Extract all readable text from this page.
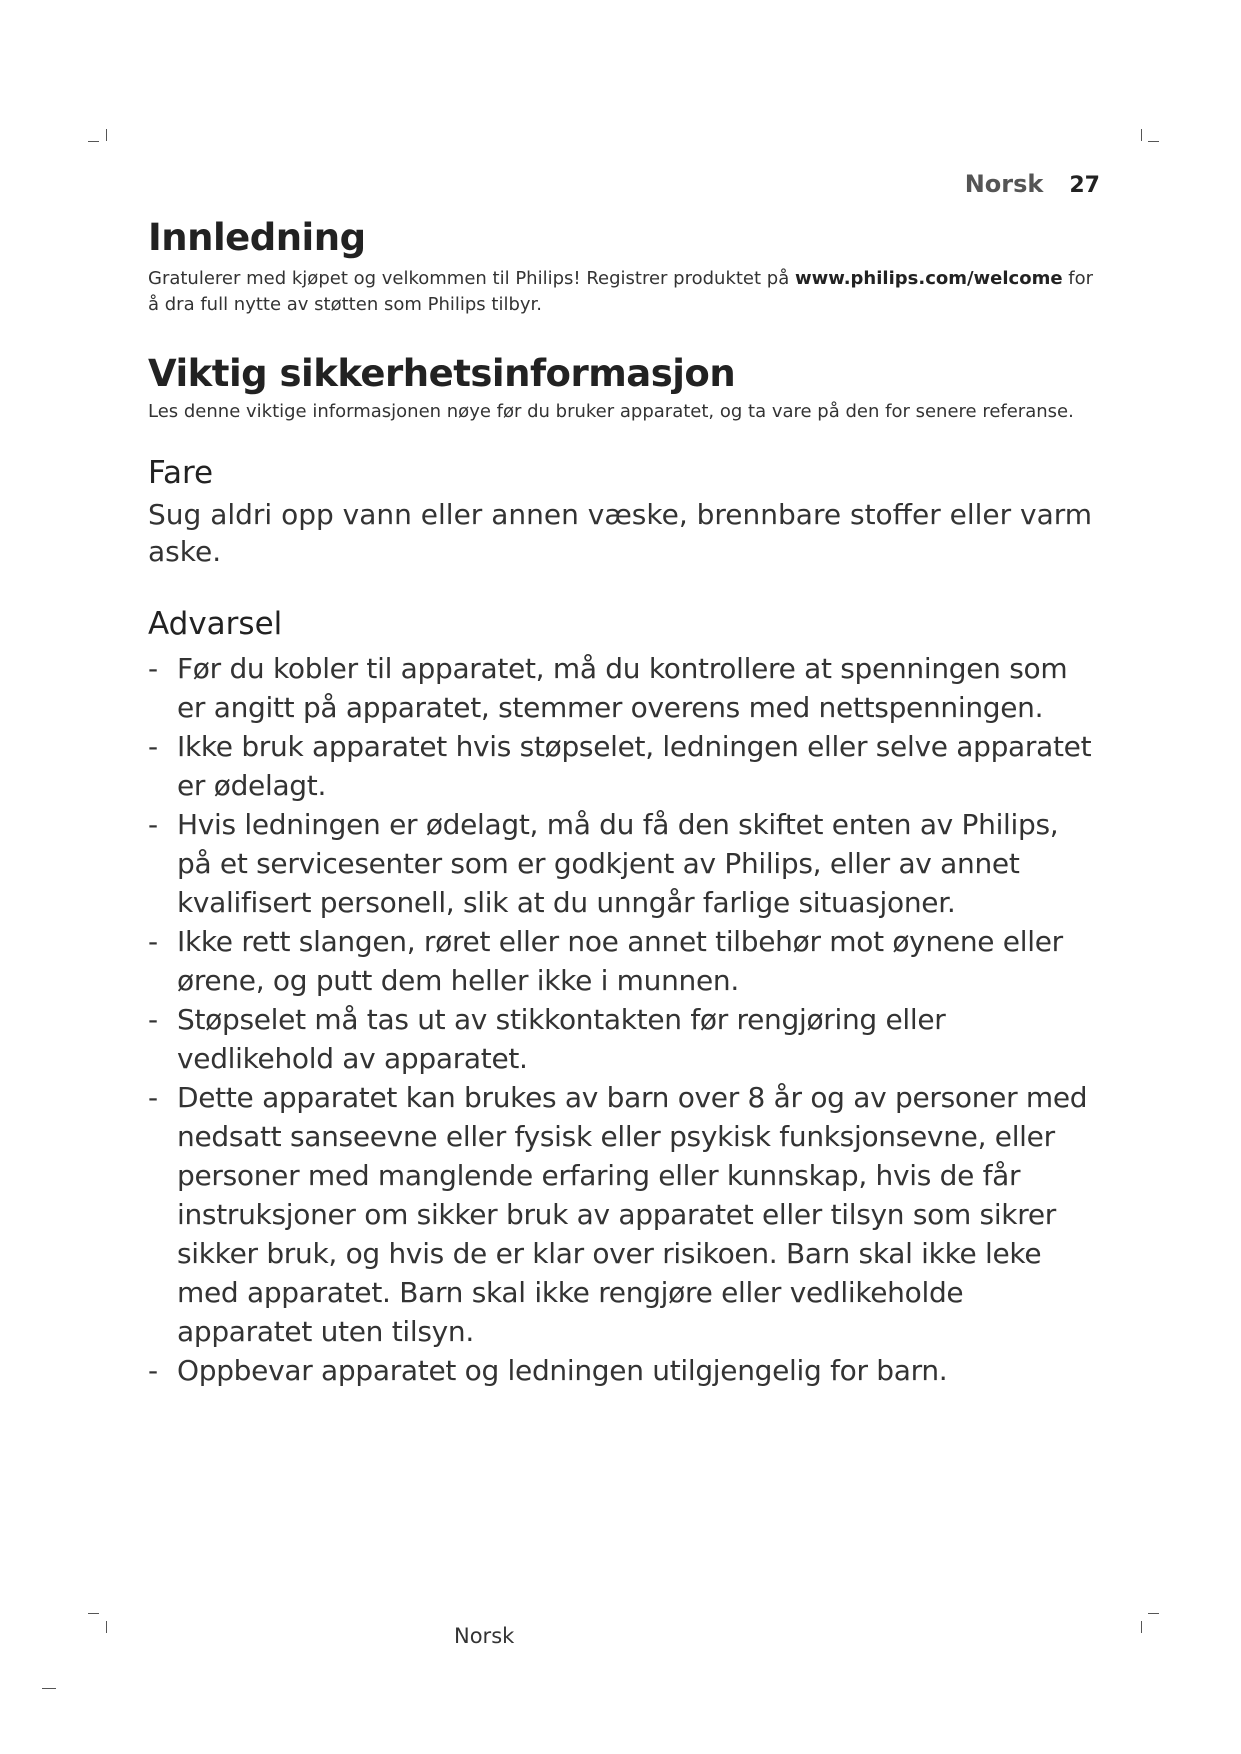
Norsk 27
Innledning

Gratulerer med kjøpet og velkommen til Philips! Registrer produktet på www.philips.com/welcome for å dra full nytte av støtten som Philips tilbyr.

Viktig sikkerhetsinformasjon

Les denne viktige informasjonen nøye før du bruker apparatet, og ta vare på den for senere referanse.

Fare

Sug aldri opp vann eller annen væske, brennbare stoffer eller varm aske.

Advarsel
- Før du kobler til apparatet, må du kontrollere at spenningen som er angitt på apparatet, stemmer overens med nettspenningen.
- Ikke bruk apparatet hvis støpselet, ledningen eller selve apparatet er ødelagt.
- Hvis ledningen er ødelagt, må du få den skiftet enten av Philips, på et servicesenter som er godkjent av Philips, eller av annet kvalifisert personell, slik at du unngår farlige situasjoner.
- Ikke rett slangen, røret eller noe annet tilbehør mot øynene eller ørene, og putt dem heller ikke i munnen.
- Støpselet må tas ut av stikkontakten før rengjøring eller vedlikehold av apparatet.
- Dette apparatet kan brukes av barn over 8 år og av personer med nedsatt sanseevne eller fysisk eller psykisk funksjonsevne, eller personer med manglende erfaring eller kunnskap, hvis de får instruksjoner om sikker bruk av apparatet eller tilsyn som sikrer sikker bruk, og hvis de er klar over risikoen. Barn skal ikke leke med apparatet. Barn skal ikke rengjøre eller vedlikeholde apparatet uten tilsyn.
- Oppbevar apparatet og ledningen utilgjengelig for barn.
Norsk
